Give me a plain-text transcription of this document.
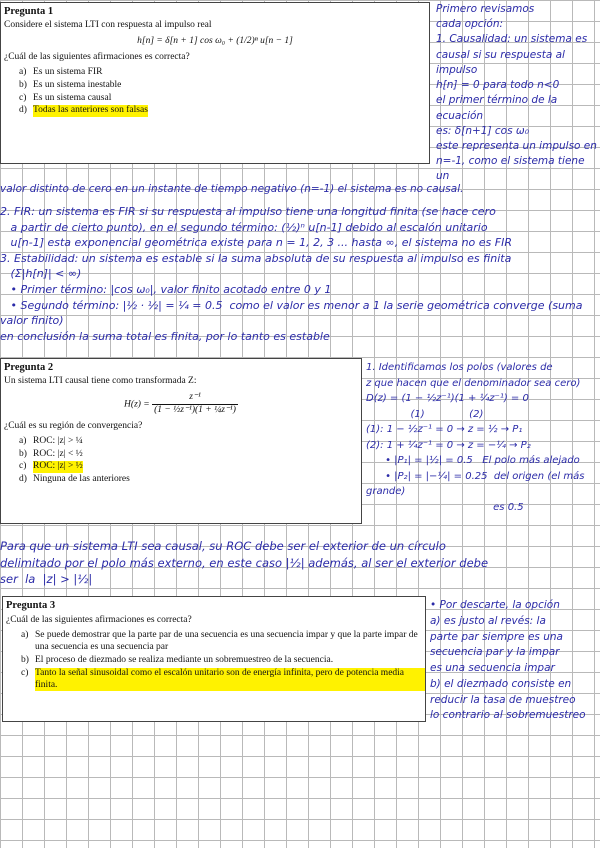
Pregunta 1
Considere el sistema LTI con respuesta al impulso real
h[n] = δ[n + 1] cos ω₀ + (1/2)ⁿ u[n − 1]
¿Cuál de las siguientes afirmaciones es correcta?
a) Es un sistema FIR
b) Es un sistema inestable
c) Es un sistema causal
d) Todas las anteriores son falsas
Primero revisamos
cada opción:
1. Causalidad: un sistema es
causal si su respuesta al impulso
h[n] = 0 para todo n<0
el primer término de la ecuación
es: δ[n+1] cos ω₀
este representa un impulso en
n=-1, como el sistema tiene un
valor distinto de cero en un instante de tiempo negativo (n=-1) el sistema es no causal.
2. FIR: un sistema es FIR si su respuesta al impulso tiene una longitud finita (se hace cero
a partir de cierto punto), en el segundo término: (½)ⁿ u[n-1] debido al escalón unitario
u[n-1] esta exponencial geométrica existe para n = 1, 2, 3 ... hasta ∞, el sistema no es FIR
3. Estabilidad: un sistema es estable si la suma absoluta de su respuesta al impulso es finita
(Σ|h[n]| < ∞)
• Primer término: |cos ω₀|, valor finito acotado entre 0 y 1
• Segundo término: |½ · ½| = ¼ = 0.5  como el valor es menor a 1 la serie geométrica converge (suma valor finito)
en conclusión la suma total es finita, por lo tanto es estable
Pregunta 2
Un sistema LTI causal tiene como transformada Z:
$H(z) = \frac{\text{z⁻¹}}{\text{(1 − ½z⁻¹)(1 + ¼z⁻¹)}}$
¿Cuál es su región de convergencia?
a) ROC: |z| > ¼
b) ROC: |z| < ½
c) ROC: |z| > ½
d) Ninguna de las anteriores
1. Identificamos los polos (valores de
z que hacen que el denominador sea cero)
D(z) = (1 − ½z⁻¹)(1 + ¼z⁻¹) = 0
(1)              (2)
(1): 1 − ½z⁻¹ = 0 → z = ½ → P₁
(2): 1 + ¼z⁻¹ = 0 → z = −¼ → P₂
• |P₁| = |½| = 0.5   El polo más alejado
• |P₂| = |−¼| = 0.25  del origen (el más grande)
es 0.5
Para que un sistema LTI sea causal, su ROC debe ser el exterior de un círculo
delimitado por el polo más externo, en este caso |½| además, al ser el exterior debe
ser  la  |z| > |½|
Pregunta 3
¿Cuál de las siguientes afirmaciones es correcta?
a) Se puede demostrar que la parte par de una secuencia es una secuencia impar y que la parte impar de una secuencia es una secuencia par
b) El proceso de diezmado se realiza mediante un sobremuestreo de la secuencia.
c) Tanto la señal sinusoidal como el escalón unitario son de energía infinita, pero de potencia media finita.
• Por descarte, la opción
a) es justo al revés: la
parte par siempre es una
secuencia par y la impar
es una secuencia impar
b) el diezmado consiste en
reducir la tasa de muestreo
lo contrario al sobremuestreo
